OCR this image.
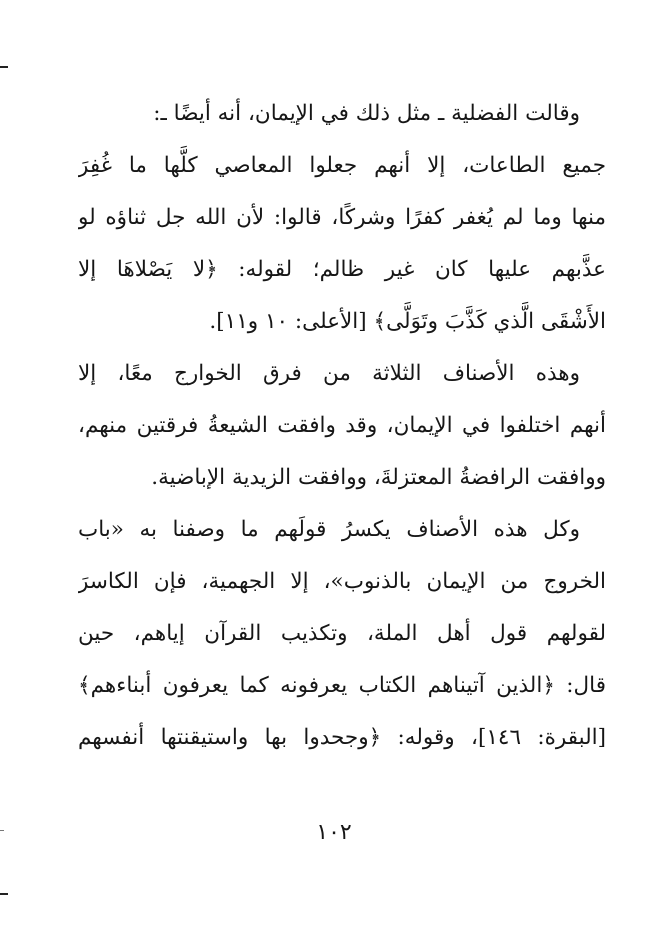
وقالت الفضلية ـ مثل ذلك في الإيمان، أنه أيضًا ـ:
جميع الطاعات، إلا أنهم جعلوا المعاصي كلَّها ما غُفِرَ
منها وما لم يُغفر كفرًا وشركًا، قالوا: لأن الله جل ثناؤه لو
عذَّبهم عليها كان غير ظالم؛ لقوله: ﴿لا يَصْلاهَا إلا
الأَشْقَى الَّذي كَذَّبَ وتَوَلَّى﴾ [الأعلى: ١٠ و١١].
وهذه الأصناف الثلاثة من فرق الخوارج معًا، إلا
أنهم اختلفوا في الإيمان، وقد وافقت الشيعةُ فرقتين منهم،
ووافقت الرافضةُ المعتزلةَ، ووافقت الزيدية الإباضية.
وكل هذه الأصناف يكسرُ قولَهم ما وصفنا به «باب
الخروج من الإيمان بالذنوب»، إلا الجهمية، فإن الكاسرَ
لقولهم قول أهل الملة، وتكذيب القرآن إياهم، حين
قال: ﴿الذين آتيناهم الكتاب يعرفونه كما يعرفون أبناءهم﴾
[البقرة: ١٤٦]، وقوله: ﴿وجحدوا بها واستيقنتها أنفسهم
١٠٢
